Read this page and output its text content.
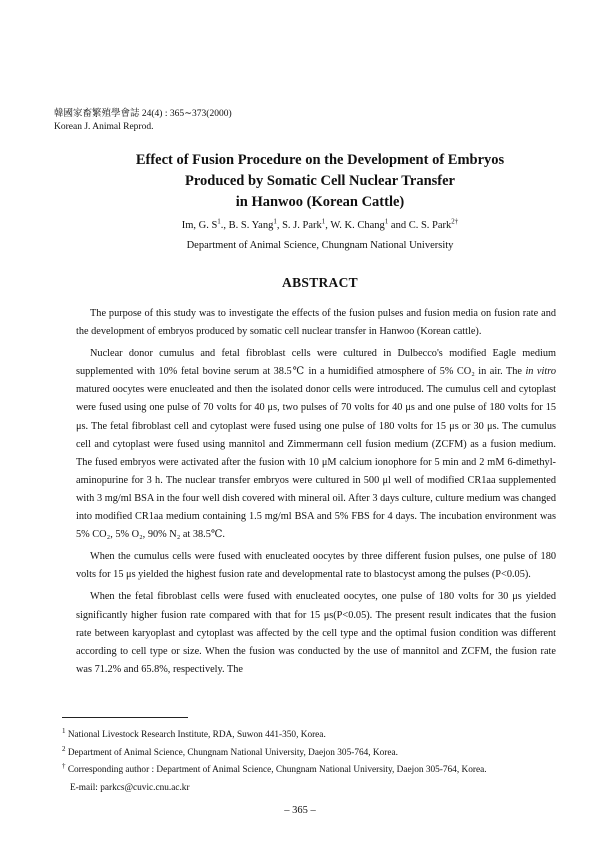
韓國家畜繁殖學會誌 24(4) : 365∼373(2000)
Korean J. Animal Reprod.
Effect of Fusion Procedure on the Development of Embryos
Produced by Somatic Cell Nuclear Transfer
in Hanwoo (Korean Cattle)
Im, G. $S^1$., B. S. Yang$^1$, S. J. Park$^1$, W. K. Chang$^1$ and C. S. Park$^{2\dagger}$
Department of Animal Science, Chungnam National University
ABSTRACT

The purpose of this study was to investigate the effects of the fusion pulses and fusion media on fusion rate and the development of embryos produced by somatic cell nuclear transfer in Hanwoo (Korean cattle).

Nuclear donor cumulus and fetal fibroblast cells were cultured in Dulbecco's modified Eagle medium supplemented with 10% fetal bovine serum at 38.5℃ in a humidified atmosphere of 5% CO₂ in air. The in vitro matured oocytes were enucleated and then the isolated donor cells were introduced. The cumulus cell and cytoplast were fused using one pulse of 70 volts for 40 μs, two pulses of 70 volts for 40 μs and one pulse of 180 volts for 15 μs. The fetal fibroblast cell and cytoplast were fused using one pulse of 180 volts for 15 μs or 30 μs. The cumulus cell and cytoplast were fused using mannitol and Zimmermann cell fusion medium (ZCFM) as a fusion medium. The fused embryos were activated after the fusion with 10 μM calcium ionophore for 5 min and 2 mM 6-dimethyl- aminopurine for 3 h. The nuclear transfer embryos were cultured in 500 μl well of modified CR1aa supplemented with 3 mg/ml BSA in the four well dish covered with mineral oil. After 3 days culture, culture medium was changed into modified CR1aa medium containing 1.5 mg/ml BSA and 5% FBS for 4 days. The incubation environment was 5% CO₂, 5% O₂, 90% N₂ at 38.5℃.

When the cumulus cells were fused with enucleated oocytes by three different fusion pulses, one pulse of 180 volts for 15 μs yielded the highest fusion rate and developmental rate to blastocyst among the pulses (P<0.05).

When the fetal fibroblast cells were fused with enucleated oocytes, one pulse of 180 volts for 30 μs yielded significantly higher fusion rate compared with that for 15 μs(P<0.05). The present result indicates that the fusion rate between karyoplast and cytoplast was affected by the cell type and the optimal fusion condition was different according to cell type or size. When the fusion was conducted by the use of mannitol and ZCFM, the fusion rate was 71.2% and 65.8%, respectively. The

$^1$ National Livestock Research Institute, RDA, Suwon 441-350, Korea.
$^2$ Department of Animal Science, Chungnam National University, Daejon 305-764, Korea.
† Corresponding author : Department of Animal Science, Chungnam National University, Daejon 305-764, Korea.
E-mail: parkcs@cuvic.cnu.ac.kr
– 365 –
